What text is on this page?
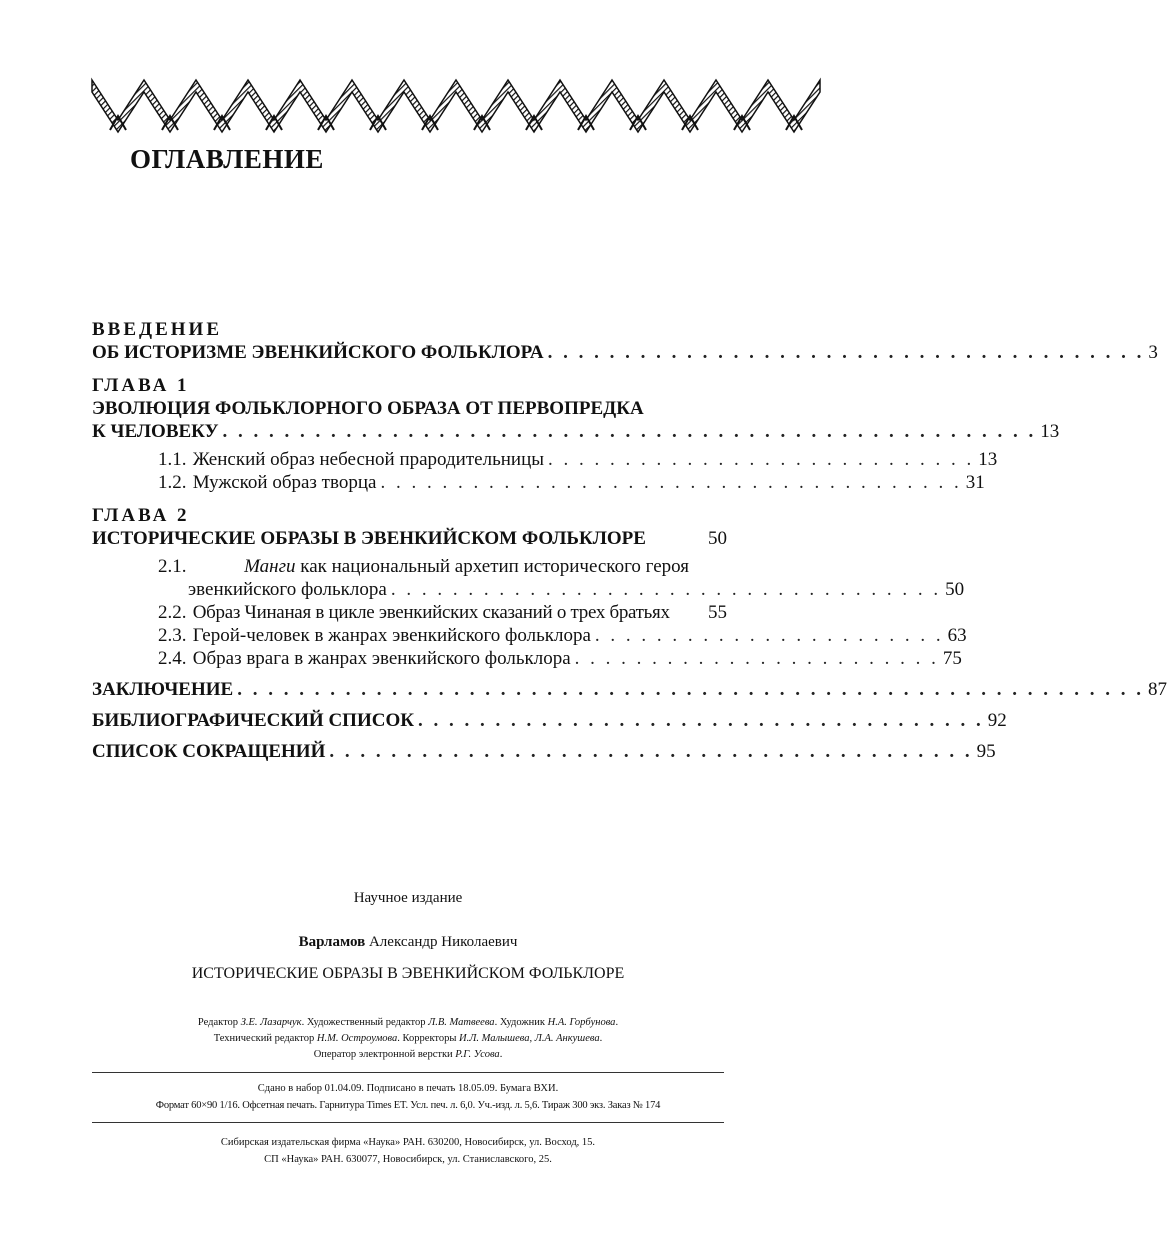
ОГЛАВЛЕНИЕ
ВВЕДЕНИЕ
ОБ ИСТОРИЗМЕ ЭВЕНКИЙСКОГО ФОЛЬКЛОРА . . . . . . . . . . . . . . . . . . . . . . . . . . . . . . . . . . . . . . . 3
ГЛАВА 1
ЭВОЛЮЦИЯ ФОЛЬКЛОРНОГО ОБРАЗА ОТ ПЕРВОПРЕДКА
К ЧЕЛОВЕКУ . . . . . . . . . . . . . . . . . . . . . . . . . . . . . . . . . . . . . . . . . . . . . . . . . . . . . 13
1.1. Женский образ небесной прародительницы . . . . . . . . . . . . . . . . . . . . . . . . . . . . 13
1.2. Мужской образ творца . . . . . . . . . . . . . . . . . . . . . . . . . . . . . . . . . . . . . . 31
ГЛАВА 2
ИСТОРИЧЕСКИЕ ОБРАЗЫ В ЭВЕНКИЙСКОМ ФОЛЬКЛОРЕ	50
2.1.	Манги как национальный архетип исторического героя
эвенкийского фольклора . . . . . . . . . . . . . . . . . . . . . . . . . . . . . . . . . . . . 50
2.2. Образ Чинаная в цикле эвенкийских сказаний о трех братьях	55
2.3. Герой-человек в жанрах эвенкийского фольклора . . . . . . . . . . . . . . . . . . . . . . . 63
2.4. Образ врага в жанрах эвенкийского фольклора . . . . . . . . . . . . . . . . . . . . . . . . 75
ЗАКЛЮЧЕНИЕ . . . . . . . . . . . . . . . . . . . . . . . . . . . . . . . . . . . . . . . . . . . . . . . . . . . . . . . . . . . 87
БИБЛИОГРАФИЧЕСКИЙ СПИСОК . . . . . . . . . . . . . . . . . . . . . . . . . . . . . . . . . . . . . 92
СПИСОК СОКРАЩЕНИЙ . . . . . . . . . . . . . . . . . . . . . . . . . . . . . . . . . . . . . . . . . . 95
Научное издание
Варламов Александр Николаевич
ИСТОРИЧЕСКИЕ ОБРАЗЫ В ЭВЕНКИЙСКОМ ФОЛЬКЛОРЕ
Редактор З.Е. Лазарчук. Художественный редактор Л.В. Матвеева. Художник Н.А. Горбунова.
Технический редактор Н.М. Остроумова. Корректоры И.Л. Малышева, Л.А. Анкушева.
Оператор электронной верстки Р.Г. Усова.
Сдано в набор 01.04.09. Подписано в печать 18.05.09. Бумага ВХИ.
Формат 60×90 1/16. Офсетная печать. Гарнитура Times ET. Усл. печ. л. 6,0. Уч.-изд. л. 5,6. Тираж 300 экз. Заказ № 174
Сибирская издательская фирма «Наука» РАН. 630200, Новосибирск, ул. Восход, 15.
СП «Наука» РАН. 630077, Новосибирск, ул. Станиславского, 25.
